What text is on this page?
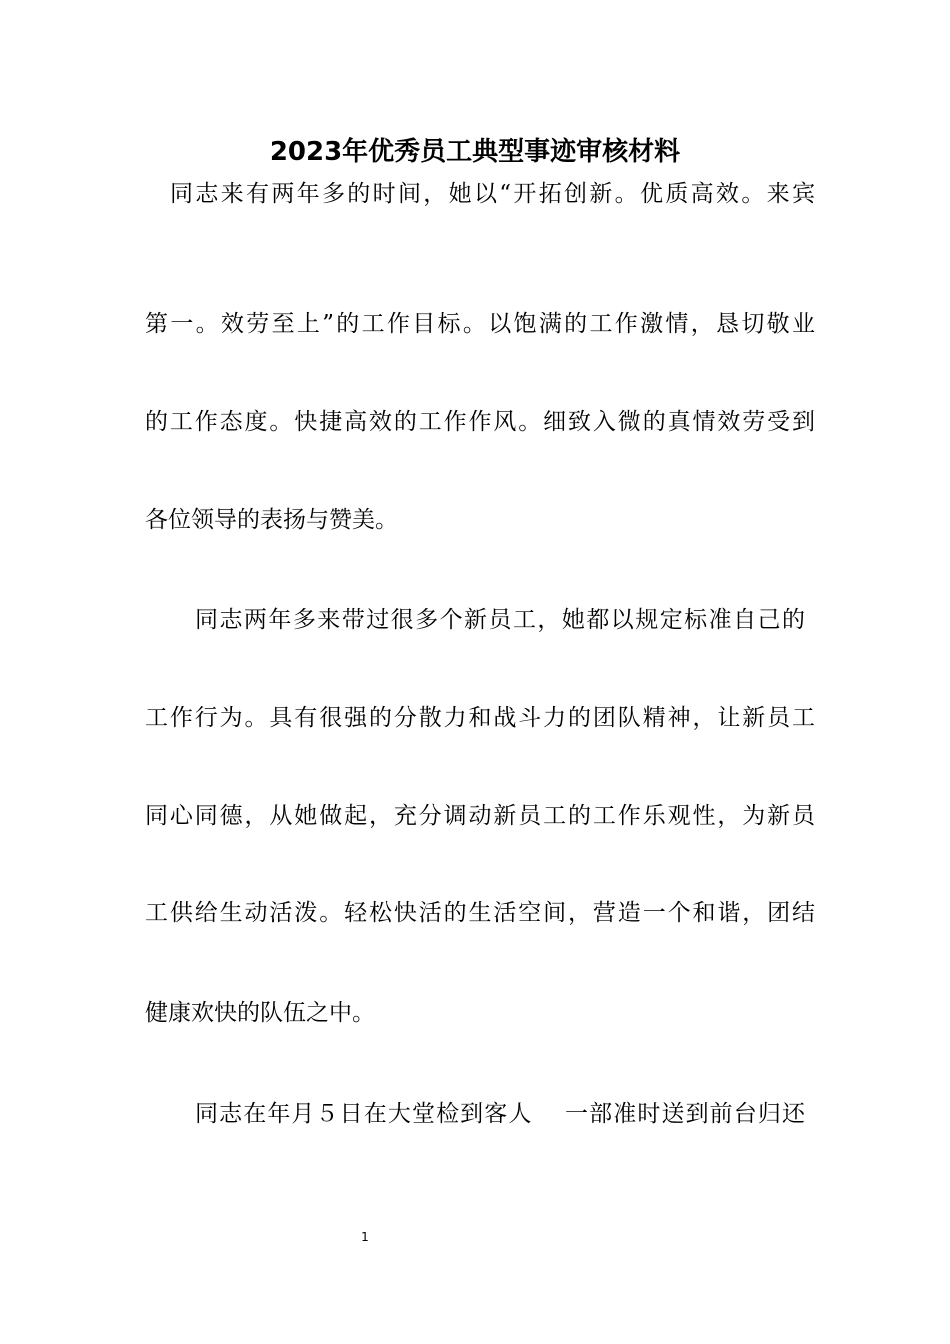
2023年优秀员工典型事迹审核材料
同志来有两年多的时间，她以“开拓创新。优质高效。来宾
第一。效劳至上”的工作目标。以饱满的工作激情，恳切敬业
的工作态度。快捷高效的工作作风。细致入微的真情效劳受到
各位领导的表扬与赞美。
同志两年多来带过很多个新员工，她都以规定标准自己的
工作行为。具有很强的分散力和战斗力的团队精神，让新员工
同心同德，从她做起，充分调动新员工的工作乐观性，为新员
工供给生动活泼。轻松快活的生活空间，营造一个和谐，团结
健康欢快的队伍之中。
同志在年月５日在大堂检到客人　 一部准时送到前台归还
1
